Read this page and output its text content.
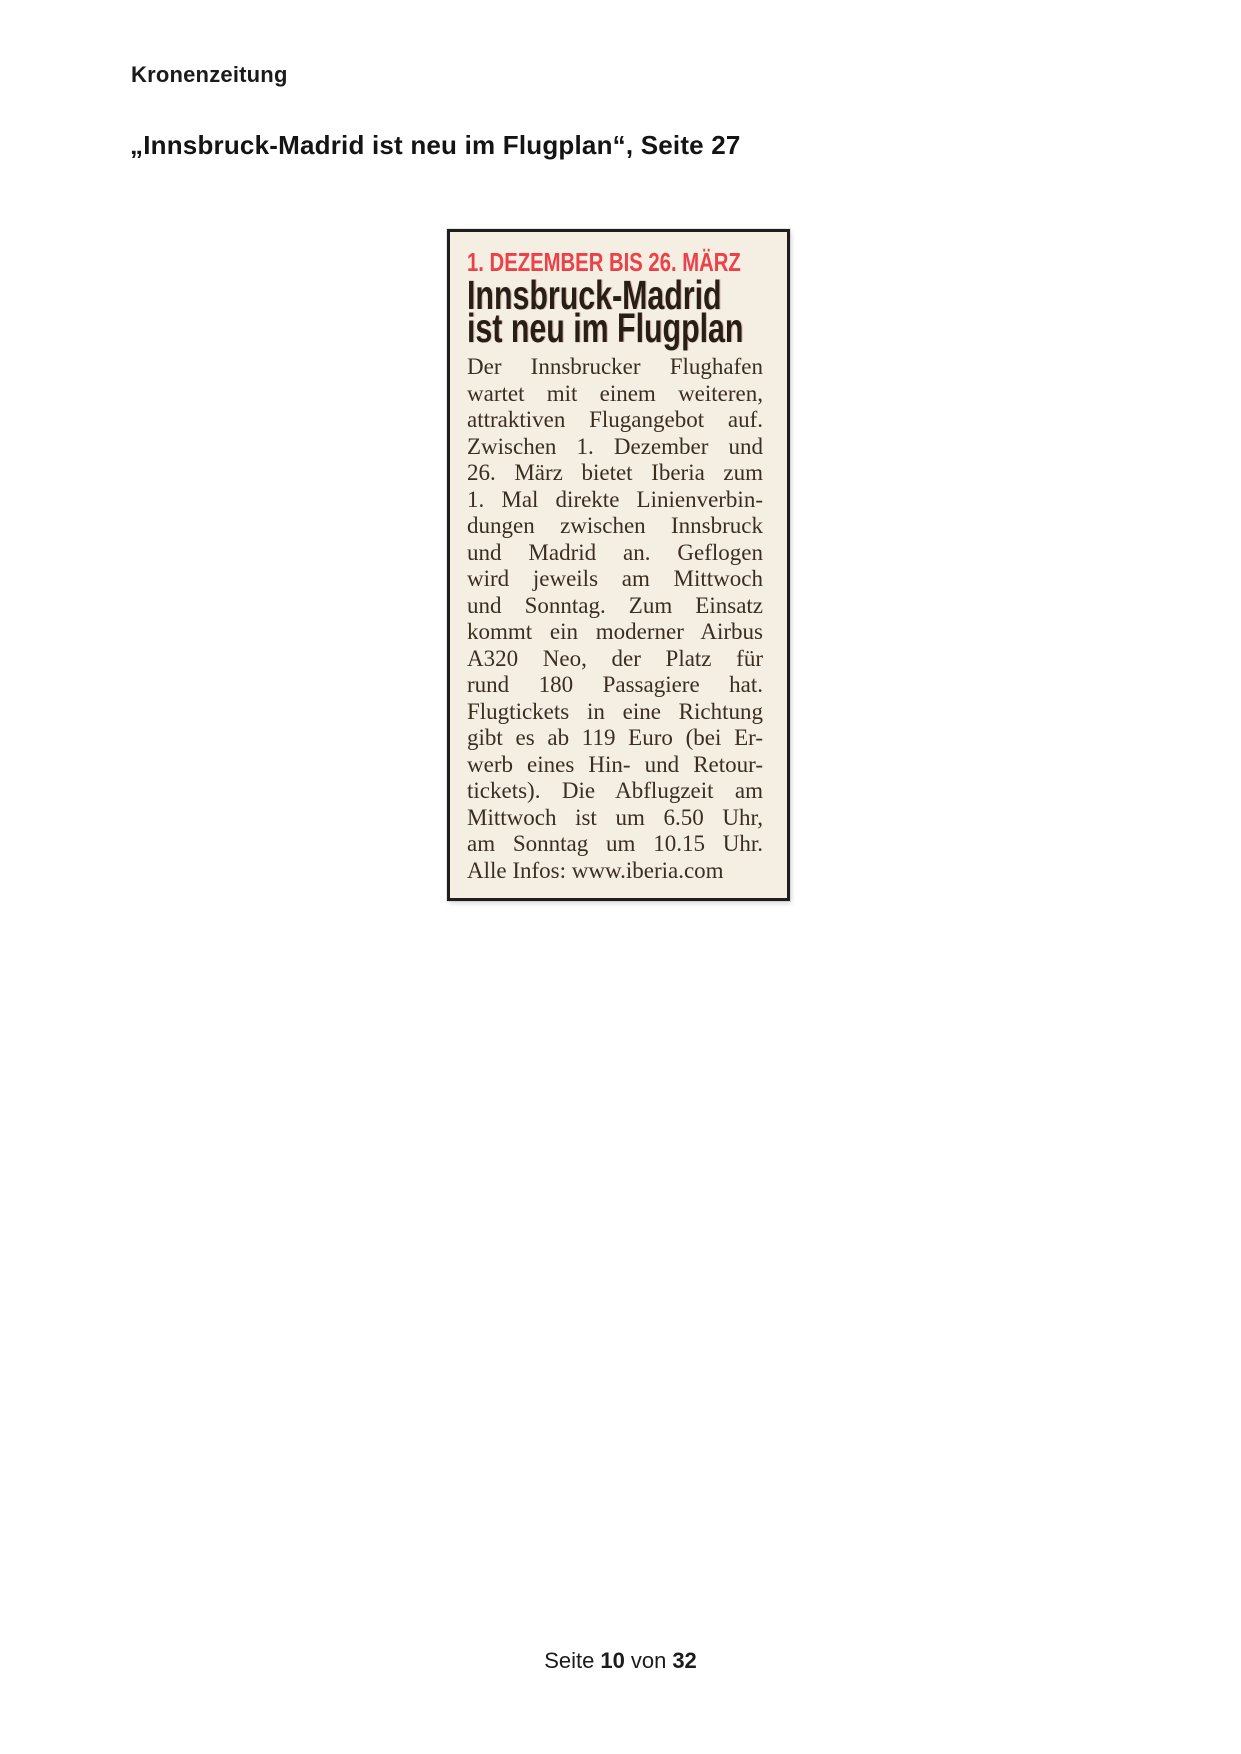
Kronenzeitung
„Innsbruck-Madrid ist neu im Flugplan“, Seite 27
1. DEZEMBER BIS 26. MÄRZ
Innsbruck-Madrid
ist neu im Flugplan
Der Innsbrucker Flughafen
wartet mit einem weiteren,
attraktiven Flugangebot auf.
Zwischen 1. Dezember und
26. März bietet Iberia zum
1. Mal direkte Linienverbin-
dungen zwischen Innsbruck
und Madrid an. Geflogen
wird jeweils am Mittwoch
und Sonntag. Zum Einsatz
kommt ein moderner Airbus
A320 Neo, der Platz für
rund 180 Passagiere hat.
Flugtickets in eine Richtung
gibt es ab 119 Euro (bei Er-
werb eines Hin- und Retour-
tickets). Die Abflugzeit am
Mittwoch ist um 6.50 Uhr,
am Sonntag um 10.15 Uhr.
Alle Infos: www.iberia.com
Seite 10 von 32
